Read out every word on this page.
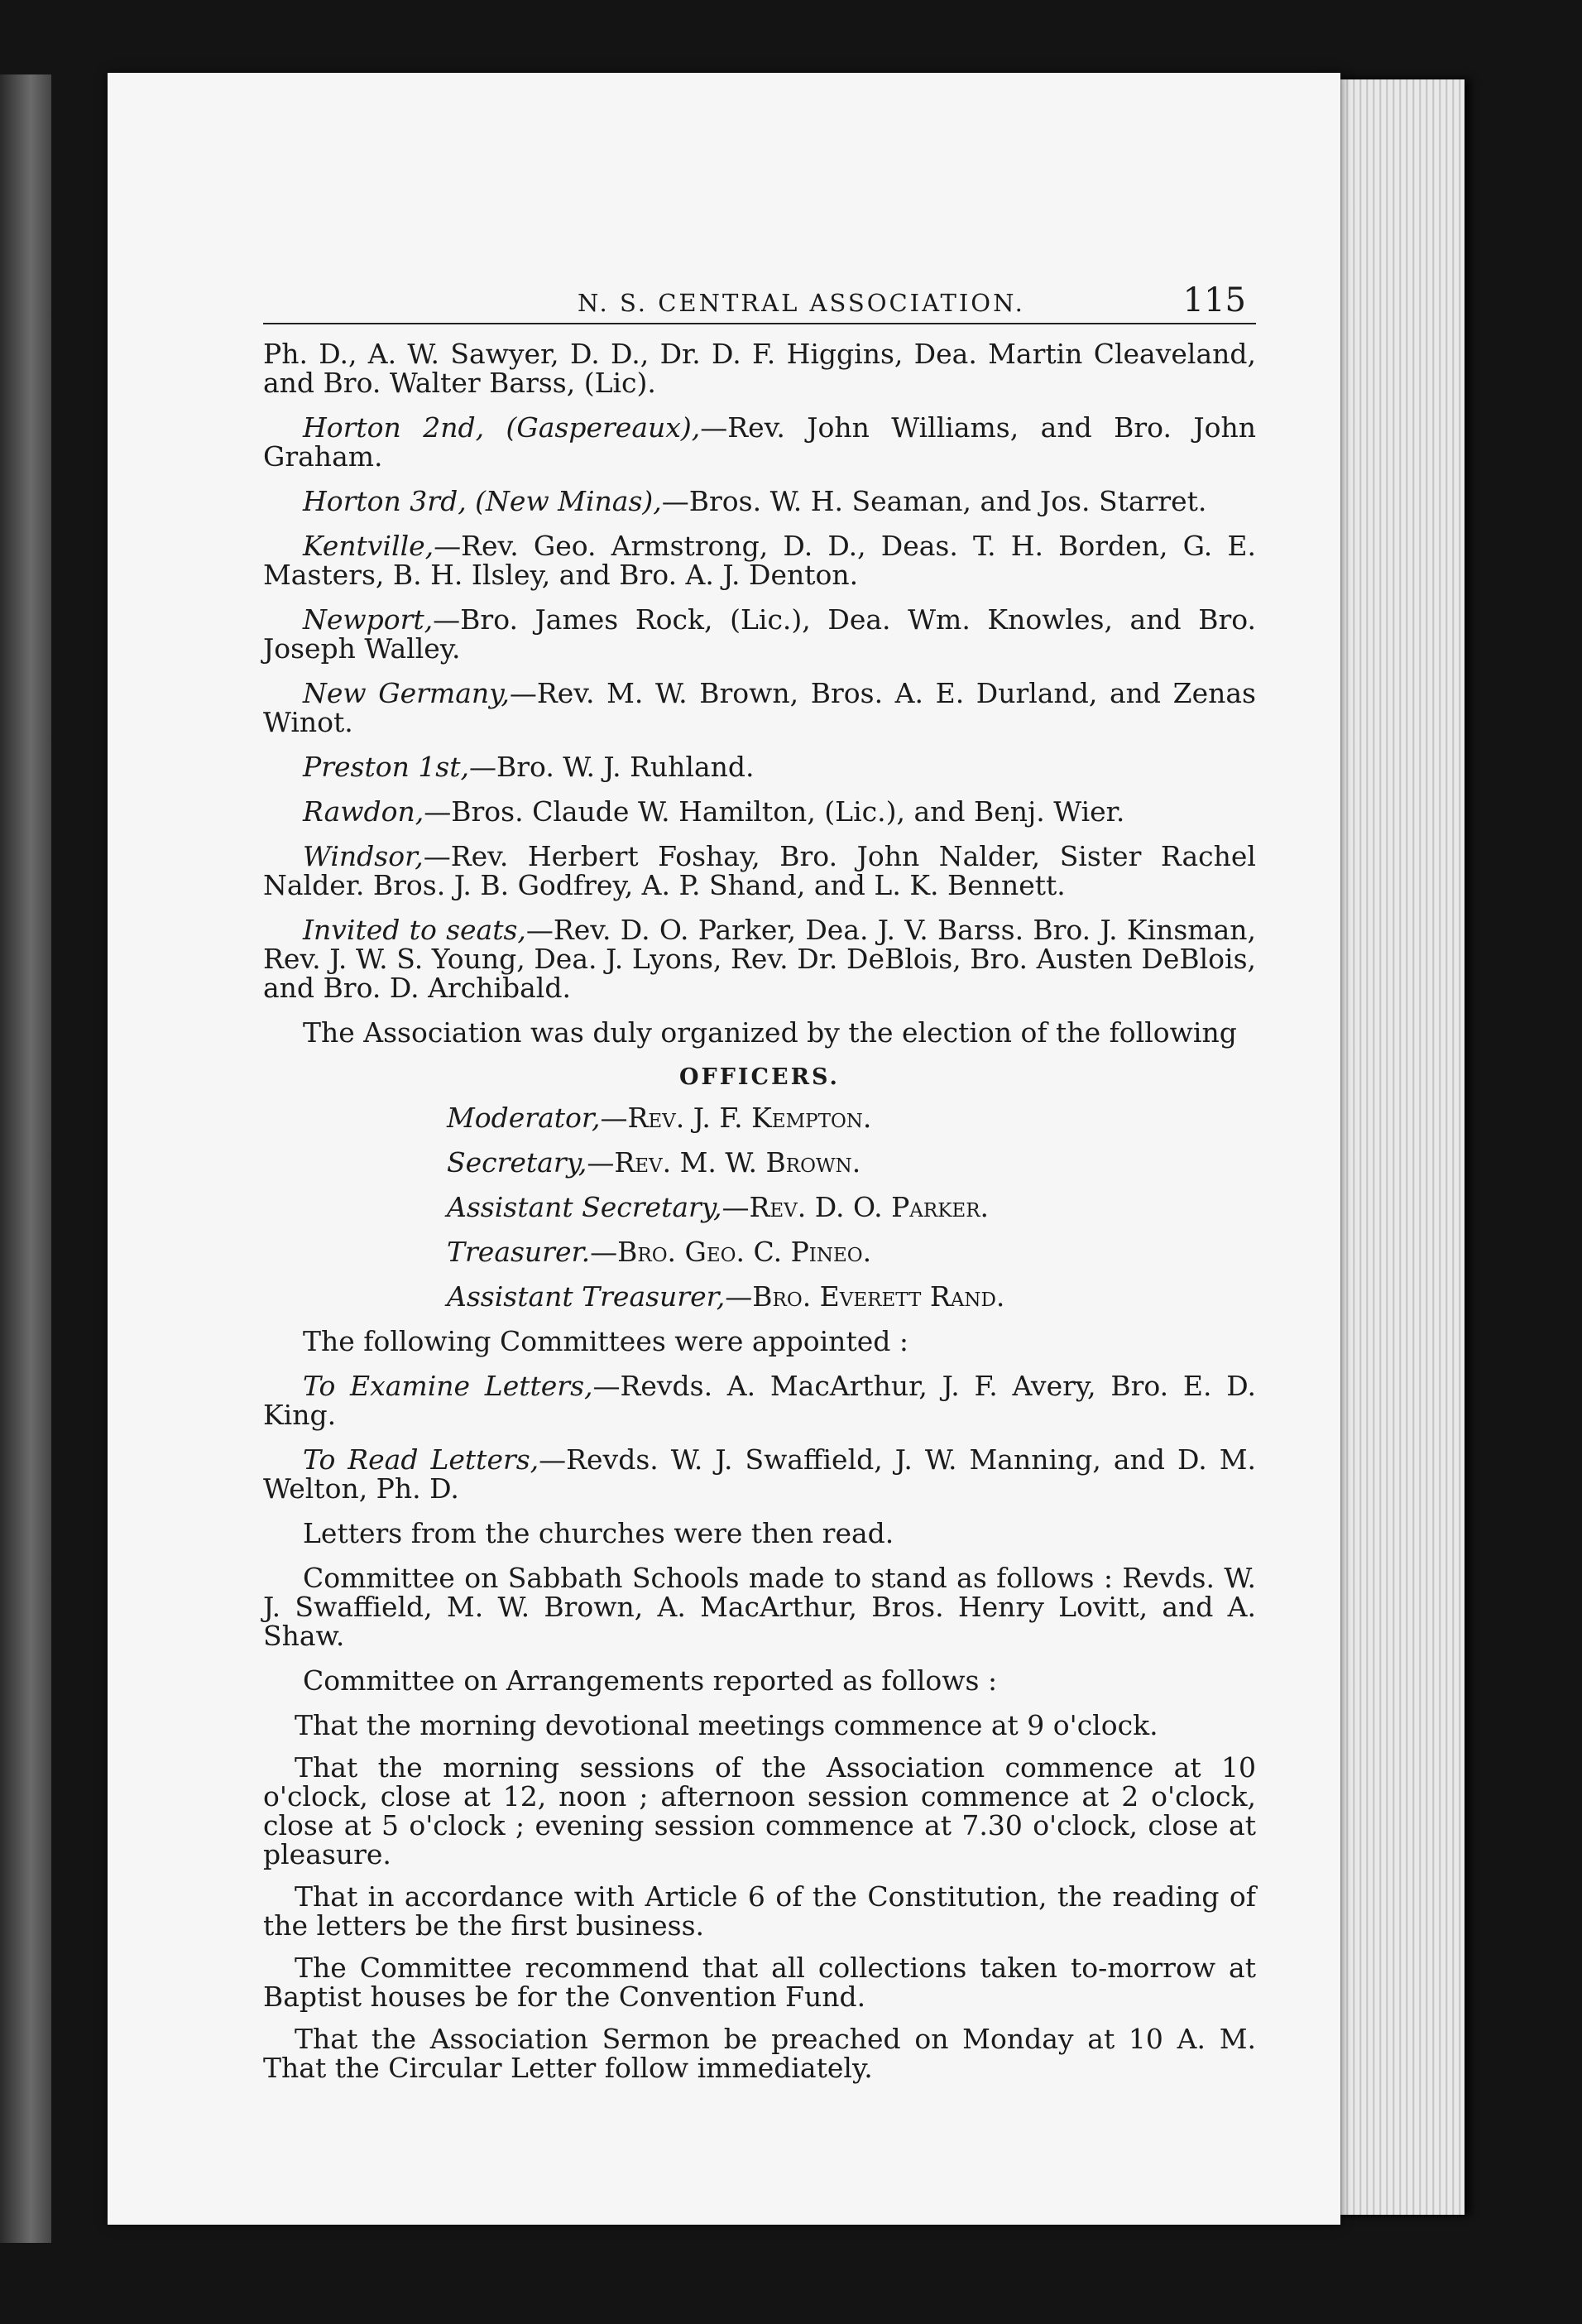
N. S. CENTRAL ASSOCIATION.	115

Ph. D., A. W. Sawyer, D. D., Dr. D. F. Higgins, Dea. Martin Cleaveland, and Bro. Walter Barss, (Lic).

Horton 2nd, (Gaspereaux),—Rev. John Williams, and Bro. John Graham.

Horton 3rd, (New Minas),—Bros. W. H. Seaman, and Jos. Starret.

Kentville,—Rev. Geo. Armstrong, D. D., Deas. T. H. Borden, G. E. Masters, B. H. Ilsley, and Bro. A. J. Denton.

Newport,—Bro. James Rock, (Lic.), Dea. Wm. Knowles, and Bro. Joseph Walley.

New Germany,—Rev. M. W. Brown, Bros. A. E. Durland, and Zenas Winot.

Preston 1st,—Bro. W. J. Ruhland.

Rawdon,—Bros. Claude W. Hamilton, (Lic.), and Benj. Wier.

Windsor,—Rev. Herbert Foshay, Bro. John Nalder, Sister Rachel Nalder. Bros. J. B. Godfrey, A. P. Shand, and L. K. Bennett.

Invited to seats,—Rev. D. O. Parker, Dea. J. V. Barss. Bro. J. Kinsman, Rev. J. W. S. Young, Dea. J. Lyons, Rev. Dr. DeBlois, Bro. Austen DeBlois, and Bro. D. Archibald.

The Association was duly organized by the election of the following

OFFICERS.
Moderator,—Rev. J. F. Kempton.
Secretary,—Rev. M. W. Brown.
Assistant Secretary,—Rev. D. O. Parker.
Treasurer.—Bro. Geo. C. Pineo.
Assistant Treasurer,—Bro. Everett Rand.

The following Committees were appointed :

To Examine Letters,—Revds. A. MacArthur, J. F. Avery, Bro. E. D. King.

To Read Letters,—Revds. W. J. Swaffield, J. W. Manning, and D. M. Welton, Ph. D.

Letters from the churches were then read.

Committee on Sabbath Schools made to stand as follows : Revds. W. J. Swaffield, M. W. Brown, A. MacArthur, Bros. Henry Lovitt, and A. Shaw.

Committee on Arrangements reported as follows :

That the morning devotional meetings commence at 9 o'clock.

That the morning sessions of the Association commence at 10 o'clock, close at 12, noon ; afternoon session commence at 2 o'clock, close at 5 o'clock ; evening session commence at 7.30 o'clock, close at pleasure.

That in accordance with Article 6 of the Constitution, the reading of the letters be the first business.

The Committee recommend that all collections taken to-morrow at Baptist houses be for the Convention Fund.

That the Association Sermon be preached on Monday at 10 A. M. That the Circular Letter follow immediately.
